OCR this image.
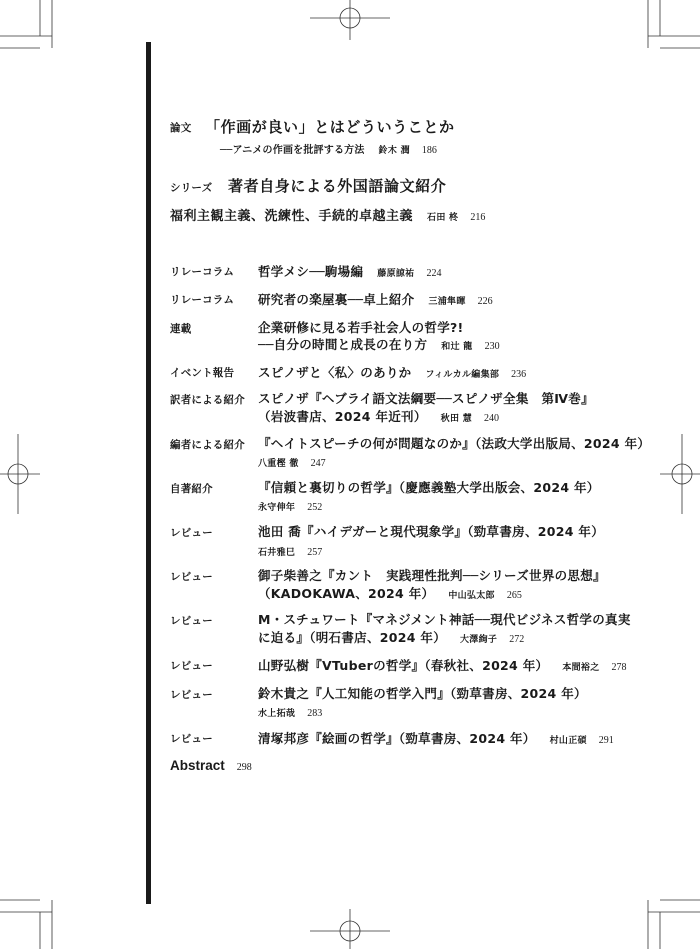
論文 「作画が良い」とはどういうことか
──アニメの作画を批評する方法 鈴木 潤 186
シリーズ 著者自身による外国語論文紹介
福利主観主義、洗練性、手続的卓越主義 石田 柊 216
リレーコラム 哲学メシ──駒場編 藤原諒祐 224
リレーコラム 研究者の楽屋裏──卓上紹介 三浦隼暉 226
連載	企業研修に見る若手社会人の哲学?!
──自分の時間と成長の在り方 和辻 龍 230
イベント報告 スピノザと〈私〉のありか フィルカル編集部 236
訳者による紹介 スピノザ『ヘブライ語文法綱要──スピノザ全集　第Ⅳ巻』
（岩波書店、2024 年近刊） 秋田 慧 240
編者による紹介 『ヘイトスピーチの何が問題なのか』（法政大学出版局、2024 年）
八重樫 徹 247
自著紹介	『信頼と裏切りの哲学』（慶應義塾大学出版会、2024 年）
永守伸年 252
レビュー	池田 喬『ハイデガーと現代現象学』（勁草書房、2024 年）
石井雅巳 257
レビュー	御子柴善之『カント　実践理性批判──シリーズ世界の思想』
（KADOKAWA、2024 年） 中山弘太郎 265
レビュー	M・スチュワート『マネジメント神話──現代ビジネス哲学の真実
に迫る』（明石書店、2024 年） 大澤絢子 272
レビュー	山野弘樹『VTuberの哲学』（春秋社、2024 年） 本間裕之 278
レビュー	鈴木貴之『人工知能の哲学入門』（勁草書房、2024 年）
水上拓哉 283
レビュー	清塚邦彦『絵画の哲学』（勁草書房、2024 年） 村山正碩 291
Abstract 298
